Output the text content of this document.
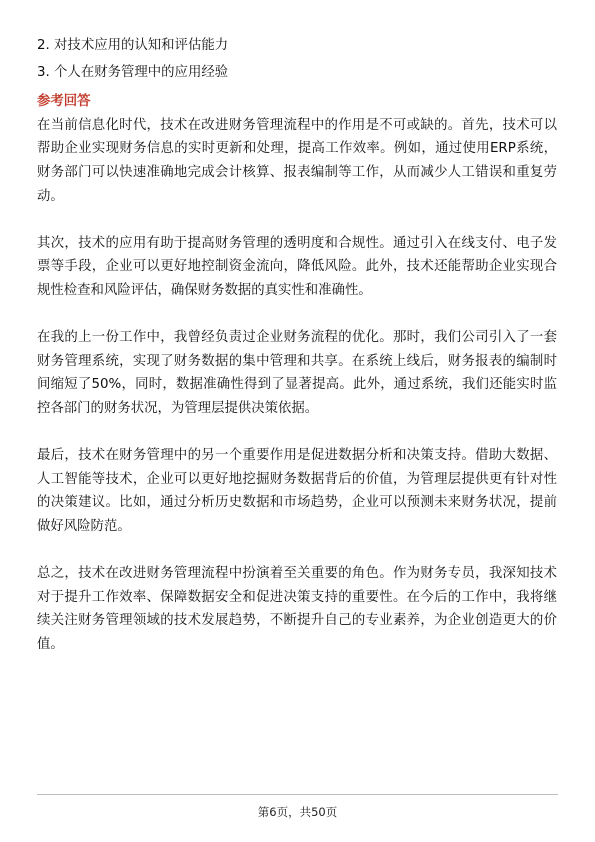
2. 对技术应用的认知和评估能力

3. 个人在财务管理中的应用经验

参考回答

在当前信息化时代，技术在改进财务管理流程中的作用是不可或缺的。首先，技术可以帮助企业实现财务信息的实时更新和处理，提高工作效率。例如，通过使用ERP系统，财务部门可以快速准确地完成会计核算、报表编制等工作，从而减少人工错误和重复劳动。

其次，技术的应用有助于提高财务管理的透明度和合规性。通过引入在线支付、电子发票等手段，企业可以更好地控制资金流向，降低风险。此外，技术还能帮助企业实现合规性检查和风险评估，确保财务数据的真实性和准确性。

在我的上一份工作中，我曾经负责过企业财务流程的优化。那时，我们公司引入了一套财务管理系统，实现了财务数据的集中管理和共享。在系统上线后，财务报表的编制时间缩短了50%，同时，数据准确性得到了显著提高。此外，通过系统，我们还能实时监控各部门的财务状况，为管理层提供决策依据。

最后，技术在财务管理中的另一个重要作用是促进数据分析和决策支持。借助大数据、人工智能等技术，企业可以更好地挖掘财务数据背后的价值，为管理层提供更有针对性的决策建议。比如，通过分析历史数据和市场趋势，企业可以预测未来财务状况，提前做好风险防范。

总之，技术在改进财务管理流程中扮演着至关重要的角色。作为财务专员，我深知技术对于提升工作效率、保障数据安全和促进决策支持的重要性。在今后的工作中，我将继续关注财务管理领域的技术发展趋势，不断提升自己的专业素养，为企业创造更大的价值。

第6页，共50页
